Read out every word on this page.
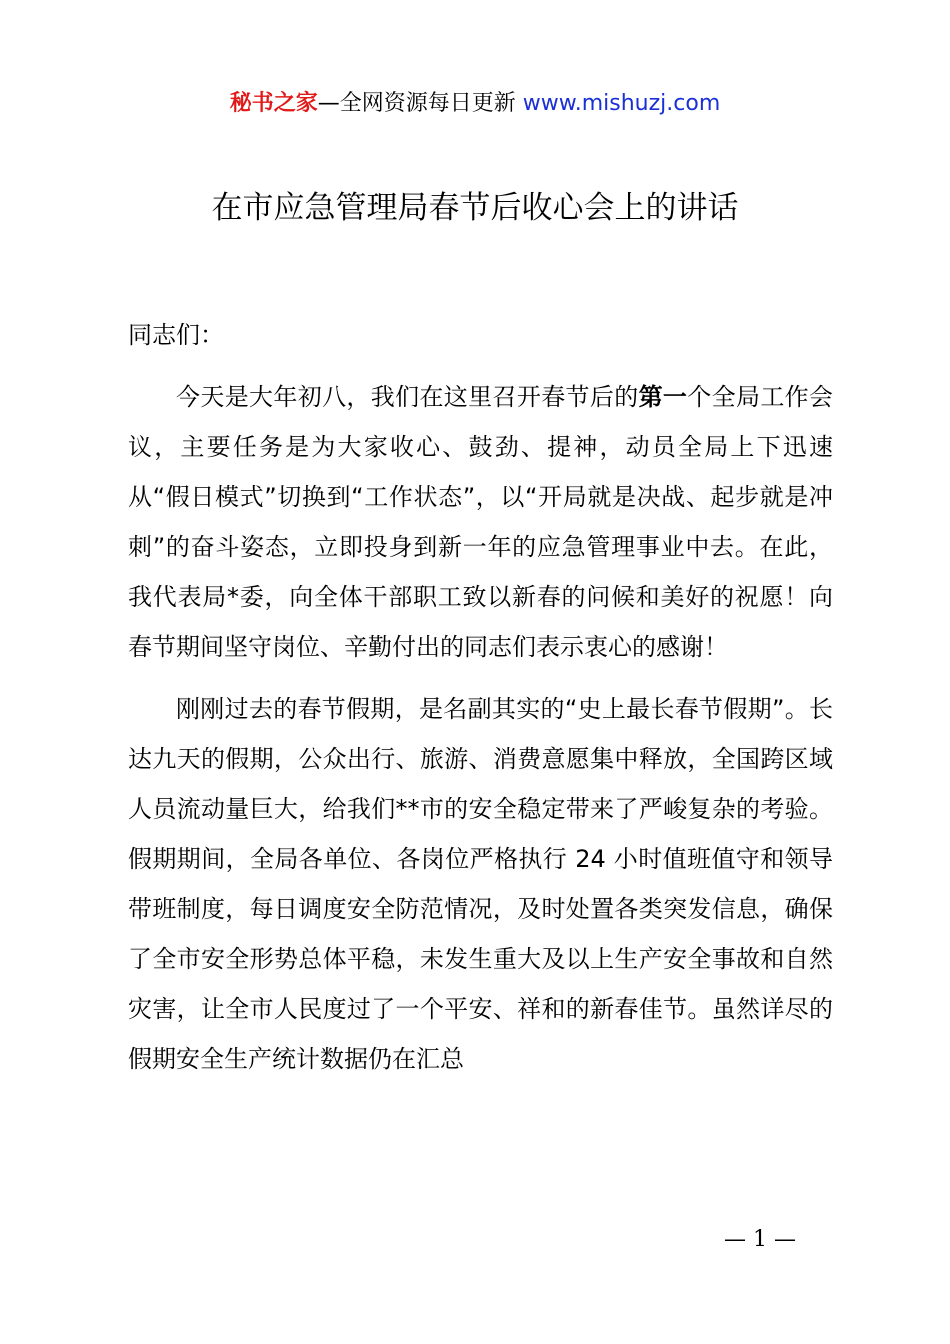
秘书之家—全网资源每日更新 www.mishuzj.com
在市应急管理局春节后收心会上的讲话

同志们：

今天是大年初八，我们在这里召开春节后的第一个全局工作会议，主要任务是为大家收心、鼓劲、提神，动员全局上下迅速从“假日模式”切换到“工作状态”，以“开局就是决战、起步就是冲刺”的奋斗姿态，立即投身到新一年的应急管理事业中去。在此，我代表局*委，向全体干部职工致以新春的问候和美好的祝愿！向春节期间坚守岗位、辛勤付出的同志们表示衷心的感谢！

刚刚过去的春节假期，是名副其实的“史上最长春节假期”。长达九天的假期，公众出行、旅游、消费意愿集中释放，全国跨区域人员流动量巨大，给我们**市的安全稳定带来了严峻复杂的考验。假期期间，全局各单位、各岗位严格执行 24 小时值班值守和领导带班制度，每日调度安全防范情况，及时处置各类突发信息，确保了全市安全形势总体平稳，未发生重大及以上生产安全事故和自然灾害，让全市人民度过了一个平安、祥和的新春佳节。虽然详尽的假期安全生产统计数据仍在汇总

— 1 —
